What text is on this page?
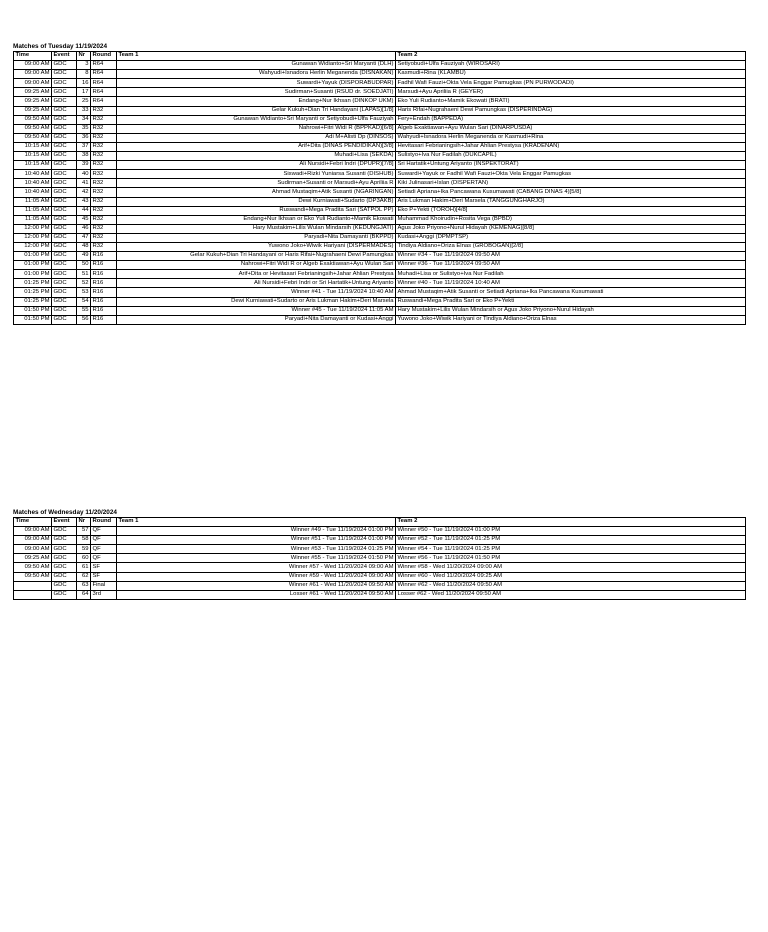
Matches of Tuesday 11/19/2024
Time	Event	Nr	Round	Team 1	Team 2
09:00 AM	GDC	3	R64	Gunawan Widianto+Sri Maryanti (DLH)	Setiyobudi+Ulfa Fauziyah (WIROSARI)
09:00 AM	GDC	8	R64	Wahyudi+Isnadora Herlin Meganenda (DISNAKAN)	Kasmudi+Rina (KLAMBU)
09:00 AM	GDC	16	R64	Suwardi+Yayuk (DISPORABUDPAR)	Fadhil Wafi Fauzi+Okta Vela Enggar Pamugkas (PN PURWODADI)
09:25 AM	GDC	17	R64	Sudirman+Susanti (RSUD dr. SOEDJATI)	Marsudi+Ayu Apriliia R (GEYER)
09:25 AM	GDC	25	R64	Endang+Nur Ikhsan (DINKOP UKM)	Eko Yuli Rudianto+Mamik Ekowati (BRATI)
09:25 AM	GDC	33	R32	Gelar Kukuh+Dian Tri Handayani (LAPAS)[1/8]	Haris Rifai+Nugrahaeni Dewi Pamungkas (DISPERINDAG)
09:50 AM	GDC	34	R32	Gunawan Widianto+Sri Maryanti or Setiyobudi+Ulfa Fauziyah	Fery+Endah (BAPPEDA)
09:50 AM	GDC	35	R32	Nahrowi+Fitri Widi R (BPPKAD)[6/8]	Algeb Exaktiawan+Ayu Wulan Sari (DINARPUSDA)
09:50 AM	GDC	36	R32	Adi M+Alisti Dp (DINSOS)	Wahyudi+Isnadora Herlin Meganenda or Kasmudi+Rina
10:15 AM	GDC	37	R32	Arif+Dita (DINAS PENDIDIKAN)[3/8]	Hevitasari Febrianingsih+Jahar Ahlian Prestysa (KRADENAN)
10:15 AM	GDC	38	R32	Muhadi+Lisa (SEKDA)	Sulistyo+Iva Nur Fadilah (DUKCAPIL)
10:15 AM	GDC	39	R32	Ali Nursidi+Febri Indri (DPUPR)[7/8]	Sri Hartatik+Untung Ariyanto (INSPEKTORAT)
10:40 AM	GDC	40	R32	Siswadi+Rizki Yuniarsa Susanti (DISHUB)	Suwardi+Yayuk or Fadhil Wafi Fauzi+Okta Vela Enggar Pamugkas
10:40 AM	GDC	41	R32	Sudirman+Susanti or Marsudi+Ayu Apriliia R	Kiki Julinasari+Islan (DISPERTAN)
10:40 AM	GDC	42	R32	Ahmad Mustaqim+Atik Susanti (NGARINGAN)	Setiadi Apriana+Ika Pancawana Kusumawati (CABANG DINAS 4)[5/8]
11:05 AM	GDC	43	R32	Dewi Kurniawati+Sudarto (DP3AKB)	Aris Lukman Hakim+Deri Marsela (TANGGUNGHARJO)
11:05 AM	GDC	44	R32	Ruswandi+Mega Pradita Sari (SATPOL PP)	Eko P+Yekti (TOROH)[4/8]
11:05 AM	GDC	45	R32	Endang+Nur Ikhsan or Eko Yuli Rudianto+Mamik Ekowati	Muhammad Khoirudin+Rosita Vega (BPBD)
12:00 PM	GDC	46	R32	Hary Mustakim+Lilis Wulan Mindarsih (KEDUNGJATI)	Agus Joko Priyono+Nurul Hidayah (KEMENAG)[8/8]
12:00 PM	GDC	47	R32	Paryadi+Nita Damayanti (BKPPD)	Kudasi+Anggi (DPMPTSP)
12:00 PM	GDC	48	R32	Yuwono Joko+Wiwik Hariyani (DISPERMADES)	Tindiya Aldiano+Oriza Elnas (GROBOGAN)[2/8]
01:00 PM	GDC	49	R16	Gelar Kukuh+Dian Tri Handayani or Haris Rifai+Nugrahaeni Dewi Pamungkas	Winner #34 - Tue 11/19/2024 09:50 AM
01:00 PM	GDC	50	R16	Nahrowi+Fitri Widi R or Algeb Exaktiawan+Ayu Wulan Sari	Winner #36 - Tue 11/19/2024 09:50 AM
01:00 PM	GDC	51	R16	Arif+Dita or Hevitasari Febrianingsih+Jahar Ahlian Prestysa	Muhadi+Lisa or Sulistyo+Iva Nur Fadilah
01:25 PM	GDC	52	R16	Ali Nursidi+Febri Indri or Sri Hartatik+Untung Ariyanto	Winner #40 - Tue 11/19/2024 10:40 AM
01:25 PM	GDC	53	R16	Winner #41 - Tue 11/19/2024 10:40 AM	Ahmad Mustaqim+Atik Susanti or Setiadi Apriana+Ika Pancawana Kusumawati
01:25 PM	GDC	54	R16	Dewi Kurniawati+Sudarto or Aris Lukman Hakim+Deri Marsela	Ruswandi+Mega Pradita Sari or Eko P+Yekti
01:50 PM	GDC	55	R16	Winner #45 - Tue 11/19/2024 11:05 AM	Hary Mustakim+Lilis Wulan Mindarsih or Agus Joko Priyono+Nurul Hidayah
01:50 PM	GDC	56	R16	Paryadi+Nita Damayanti or Kudasi+Anggi	Yuwono Joko+Wiwik Hariyani or Tindiya Aldiano+Oriza Elnas
Matches of Wednesday 11/20/2024
Time	Event	Nr	Round	Team 1	Team 2
09:00 AM	GDC	57	QF	Winner #49 - Tue 11/19/2024 01:00 PM	Winner #50 - Tue 11/19/2024 01:00 PM
09:00 AM	GDC	58	QF	Winner #51 - Tue 11/19/2024 01:00 PM	Winner #52 - Tue 11/19/2024 01:25 PM
09:00 AM	GDC	59	QF	Winner #53 - Tue 11/19/2024 01:25 PM	Winner #54 - Tue 11/19/2024 01:25 PM
09:25 AM	GDC	60	QF	Winner #55 - Tue 11/19/2024 01:50 PM	Winner #56 - Tue 11/19/2024 01:50 PM
09:50 AM	GDC	61	SF	Winner #57 - Wed 11/20/2024 09:00 AM	Winner #58 - Wed 11/20/2024 09:00 AM
09:50 AM	GDC	62	SF	Winner #59 - Wed 11/20/2024 09:00 AM	Winner #60 - Wed 11/20/2024 09:25 AM
	GDC	63	Final	Winner #61 - Wed 11/20/2024 09:50 AM	Winner #62 - Wed 11/20/2024 09:50 AM
	GDC	64	3rd	Losser #61 - Wed 11/20/2024 09:50 AM	Losser #62 - Wed 11/20/2024 09:50 AM
